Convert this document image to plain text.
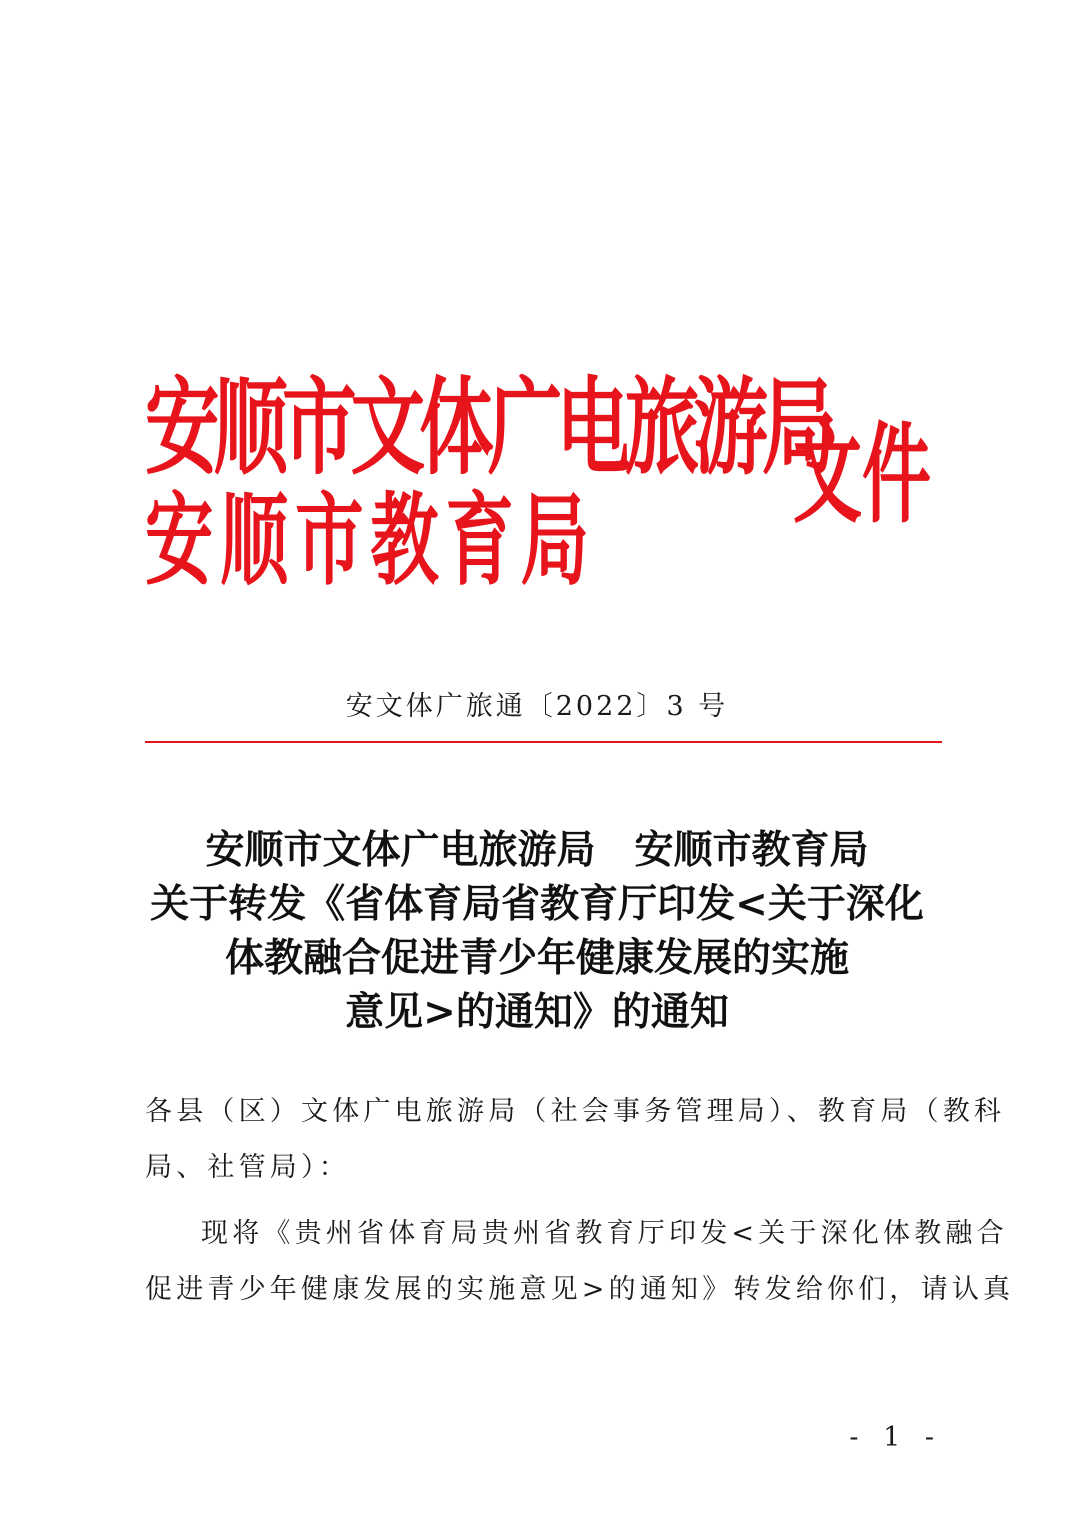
安顺市文体广电旅游局
安顺市教育局
文件
安文体广旅通〔2022〕3 号
安顺市文体广电旅游局　安顺市教育局
关于转发《省体育局省教育厅印发<关于深化
体教融合促进青少年健康发展的实施
意见>的通知》的通知
各县（区）文体广电旅游局（社会事务管理局）、教育局（教科
局、社管局）：
现将《贵州省体育局贵州省教育厅印发<关于深化体教融合
促进青少年健康发展的实施意见>的通知》转发给你们，请认真
- 1 -
